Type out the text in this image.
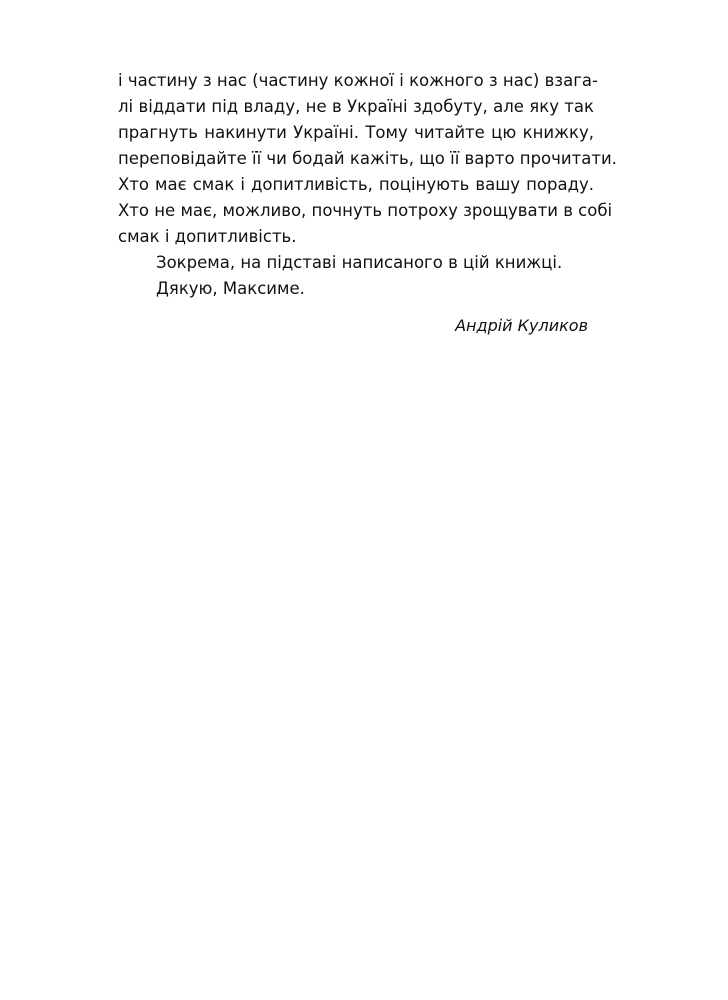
і частину з нас (частину кожної і кожного з нас) взага-
лі віддати під владу, не в Україні здобуту, але яку так
прагнуть накинути Україні. Тому читайте цю книжку,
переповідайте її чи бодай кажіть, що її варто прочитати.
Хто має смак і допитливість, поцінують вашу пораду.
Хто не має, можливо, почнуть потроху зрощувати в собі
смак і допитливість.
Зокрема, на підставі написаного в цій книжці.
Дякую, Максиме.
Андрій Куликов
